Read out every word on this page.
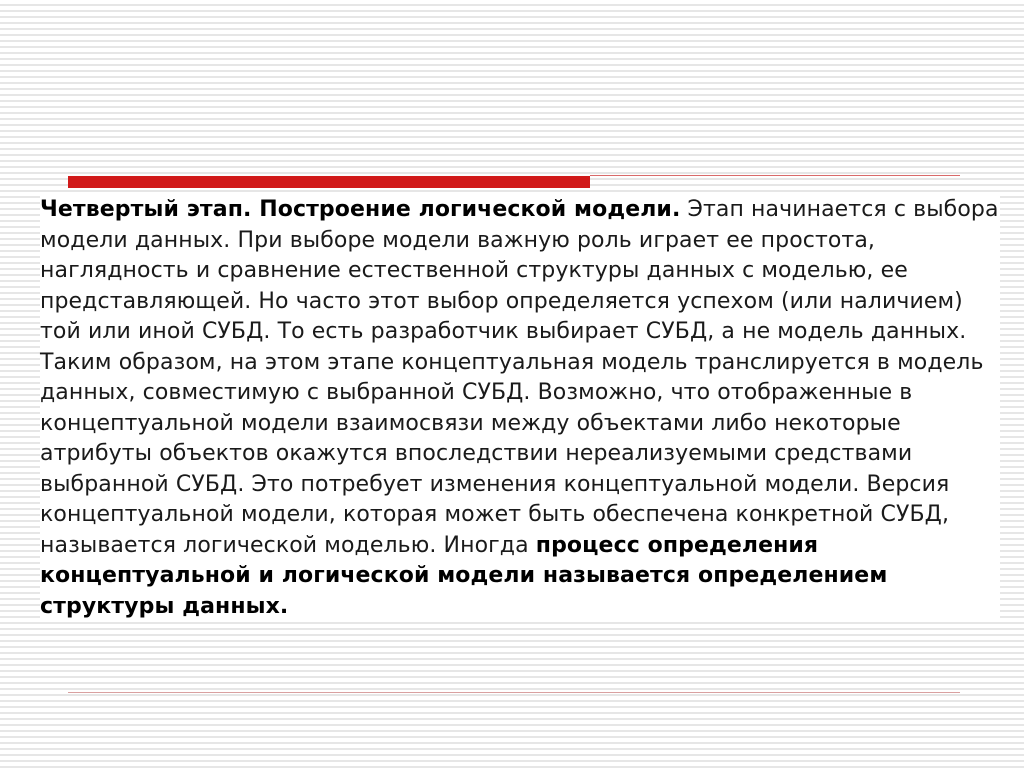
Четвертый этап. Построение логической модели. Этап начинается с выбора модели данных. При выборе модели важную роль играет ее простота, наглядность и сравнение естественной структуры данных с моделью, ее представляющей. Но часто этот выбор определяется успехом (или наличием) той или иной СУБД. То есть разработчик выбирает СУБД, а не модель данных. Таким образом, на этом этапе концептуальная модель транслируется в модель данных, совместимую с выбранной СУБД. Возможно, что отображенные в концептуальной модели взаимосвязи между объектами либо некоторые атрибуты объектов окажутся впоследствии нереализуемыми средствами выбранной СУБД. Это потребует изменения концептуальной модели. Версия концептуальной модели, которая может быть обеспечена конкретной СУБД, называется логической моделью. Иногда процесс определения концептуальной и логической модели называется определением структуры данных.
